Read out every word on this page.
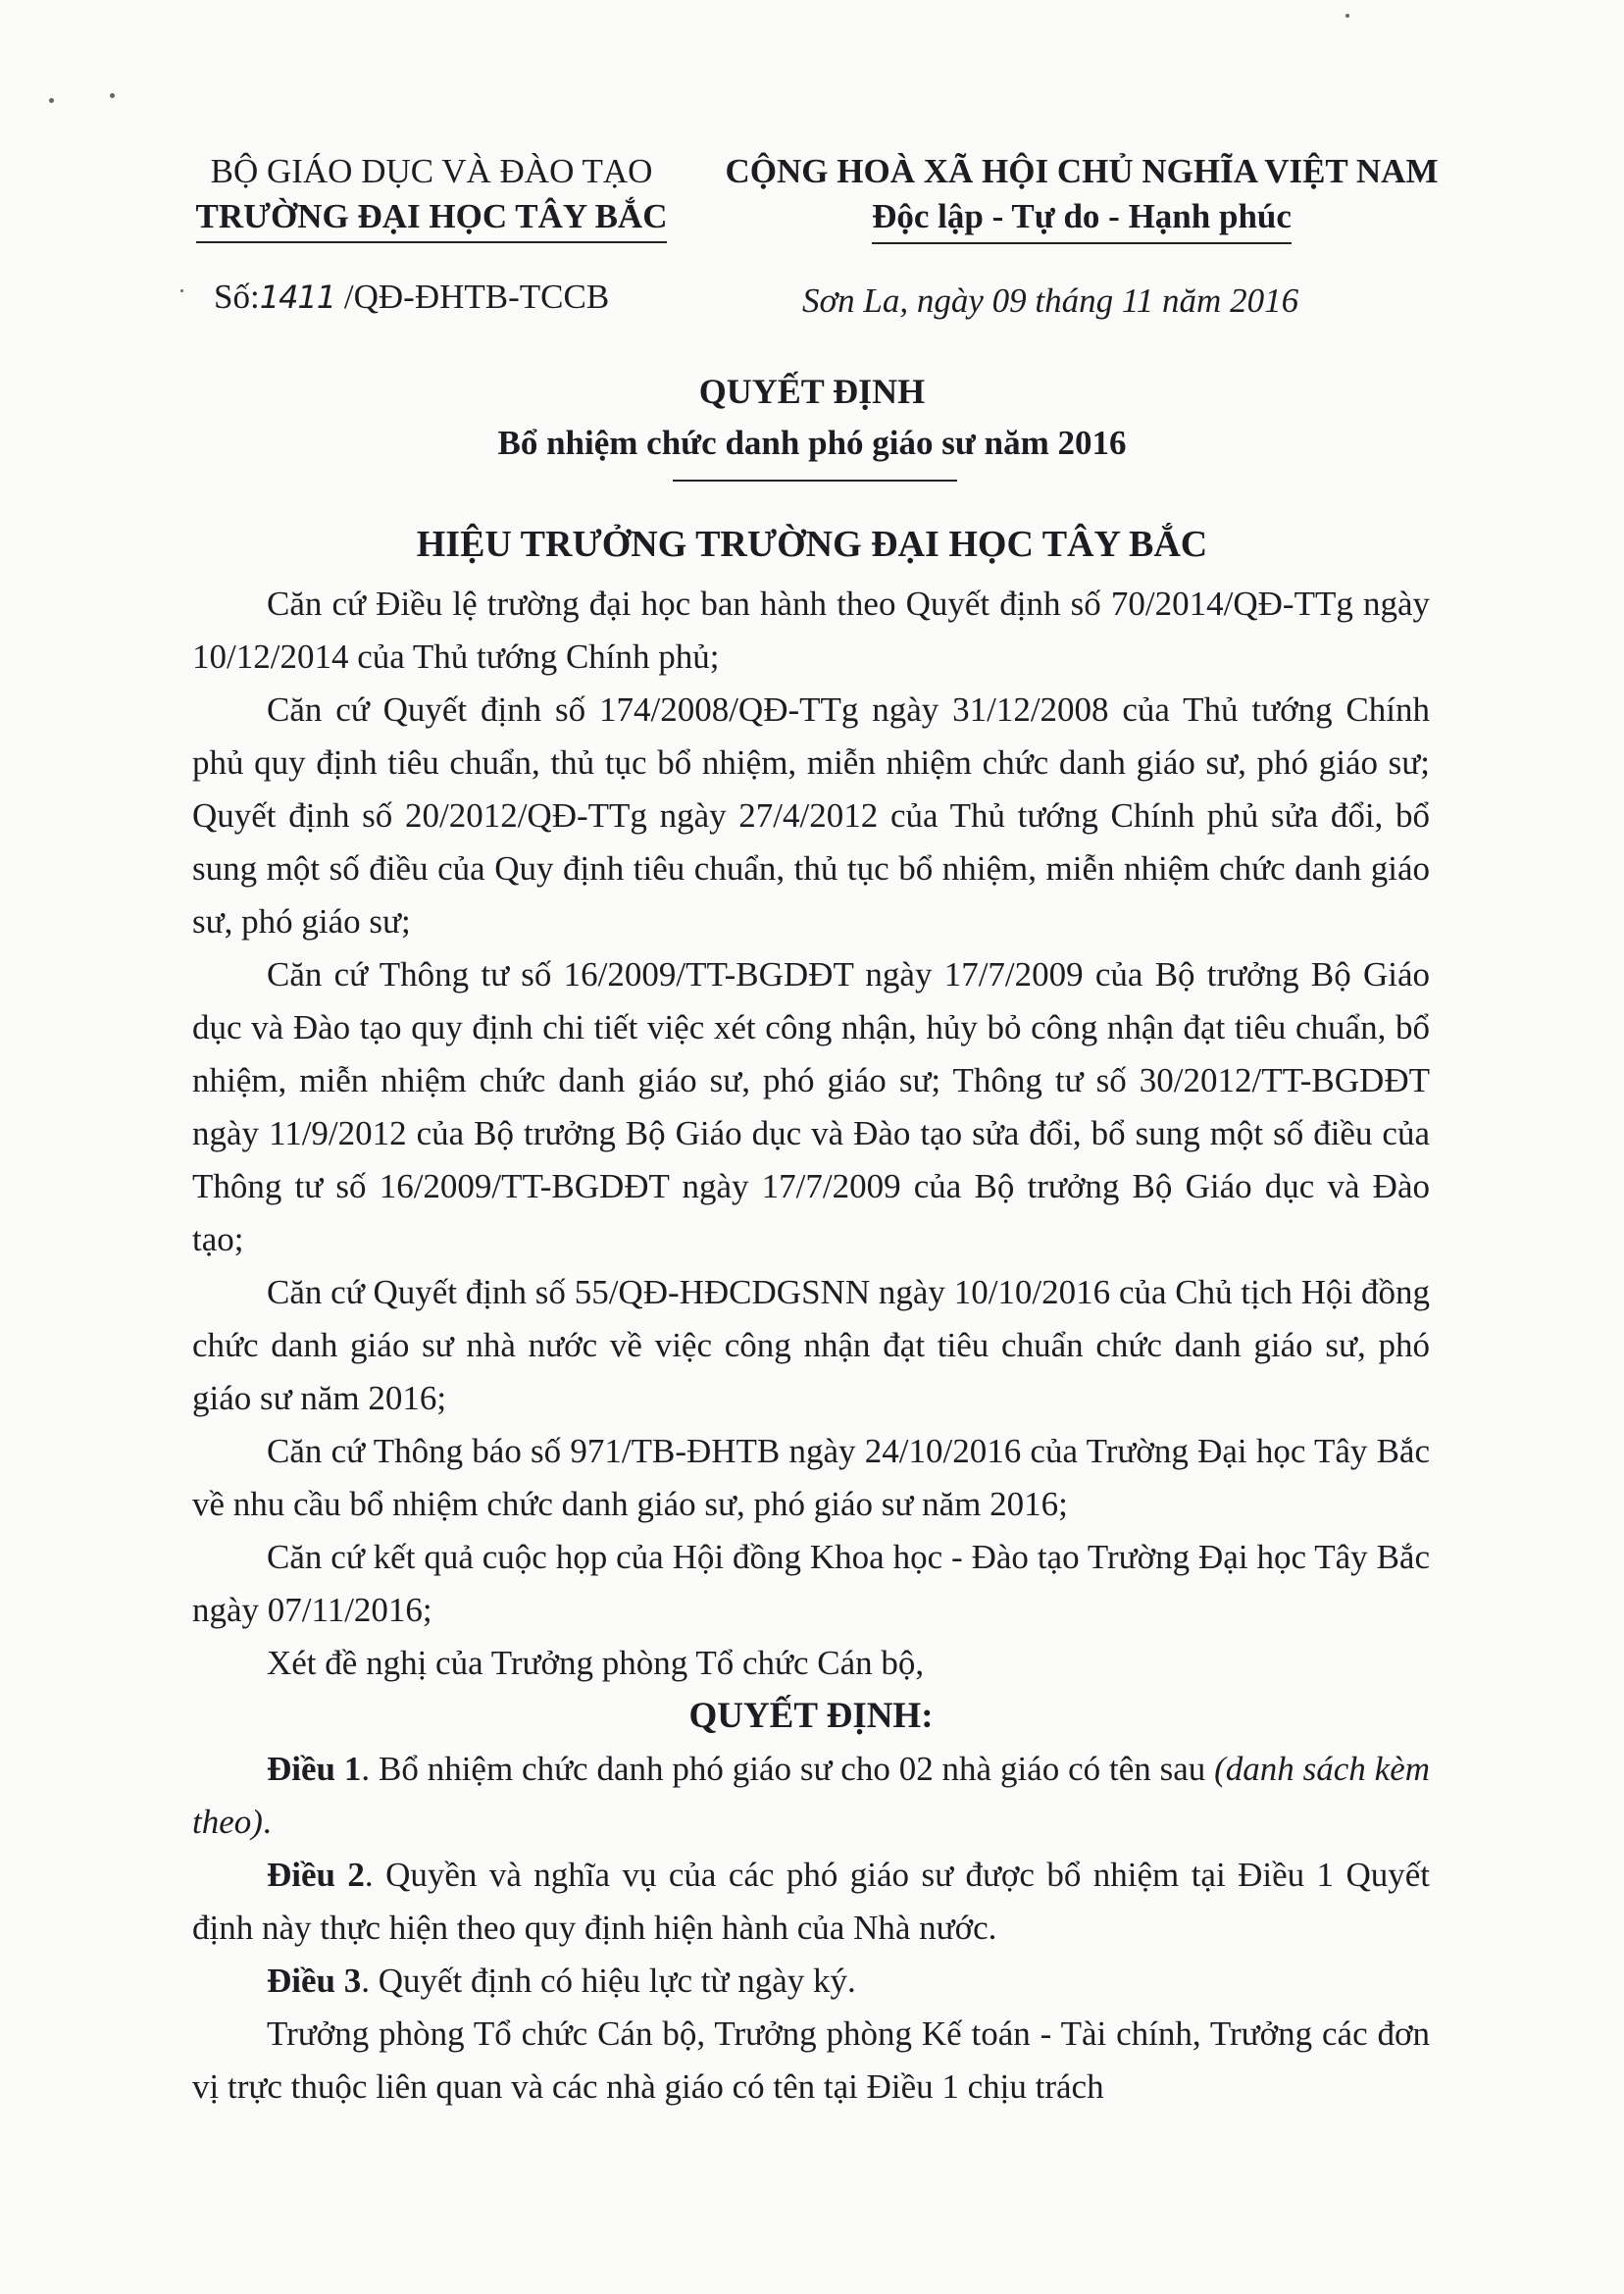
BỘ GIÁO DỤC VÀ ĐÀO TẠO
TRƯỜNG ĐẠI HỌC TÂY BẮC
CỘNG HOÀ XÃ HỘI CHỦ NGHĨA VIỆT NAM
Độc lập - Tự do - Hạnh phúc
Số:1411 /QĐ-ĐHTB-TCCB	Sơn La, ngày 09 tháng 11 năm 2016
QUYẾT ĐỊNH
Bổ nhiệm chức danh phó giáo sư năm 2016
HIỆU TRƯỞNG TRƯỜNG ĐẠI HỌC TÂY BẮC

Căn cứ Điều lệ trường đại học ban hành theo Quyết định số 70/2014/QĐ-TTg ngày 10/12/2014 của Thủ tướng Chính phủ;

Căn cứ Quyết định số 174/2008/QĐ-TTg ngày 31/12/2008 của Thủ tướng Chính phủ quy định tiêu chuẩn, thủ tục bổ nhiệm, miễn nhiệm chức danh giáo sư, phó giáo sư; Quyết định số 20/2012/QĐ-TTg ngày 27/4/2012 của Thủ tướng Chính phủ sửa đổi, bổ sung một số điều của Quy định tiêu chuẩn, thủ tục bổ nhiệm, miễn nhiệm chức danh giáo sư, phó giáo sư;

Căn cứ Thông tư số 16/2009/TT-BGDĐT ngày 17/7/2009 của Bộ trưởng Bộ Giáo dục và Đào tạo quy định chi tiết việc xét công nhận, hủy bỏ công nhận đạt tiêu chuẩn, bổ nhiệm, miễn nhiệm chức danh giáo sư, phó giáo sư; Thông tư số 30/2012/TT-BGDĐT ngày 11/9/2012 của Bộ trưởng Bộ Giáo dục và Đào tạo sửa đổi, bổ sung một số điều của Thông tư số 16/2009/TT-BGDĐT ngày 17/7/2009 của Bộ trưởng Bộ Giáo dục và Đào tạo;

Căn cứ Quyết định số 55/QĐ-HĐCDGSNN ngày 10/10/2016 của Chủ tịch Hội đồng chức danh giáo sư nhà nước về việc công nhận đạt tiêu chuẩn chức danh giáo sư, phó giáo sư năm 2016;

Căn cứ Thông báo số 971/TB-ĐHTB ngày 24/10/2016 của Trường Đại học Tây Bắc về nhu cầu bổ nhiệm chức danh giáo sư, phó giáo sư năm 2016;

Căn cứ kết quả cuộc họp của Hội đồng Khoa học - Đào tạo Trường Đại học Tây Bắc ngày 07/11/2016;

Xét đề nghị của Trưởng phòng Tổ chức Cán bộ,

QUYẾT ĐỊNH:

Điều 1. Bổ nhiệm chức danh phó giáo sư cho 02 nhà giáo có tên sau (danh sách kèm theo).

Điều 2. Quyền và nghĩa vụ của các phó giáo sư được bổ nhiệm tại Điều 1 Quyết định này thực hiện theo quy định hiện hành của Nhà nước.

Điều 3. Quyết định có hiệu lực từ ngày ký.

Trưởng phòng Tổ chức Cán bộ, Trưởng phòng Kế toán - Tài chính, Trưởng các đơn vị trực thuộc liên quan và các nhà giáo có tên tại Điều 1 chịu trách
